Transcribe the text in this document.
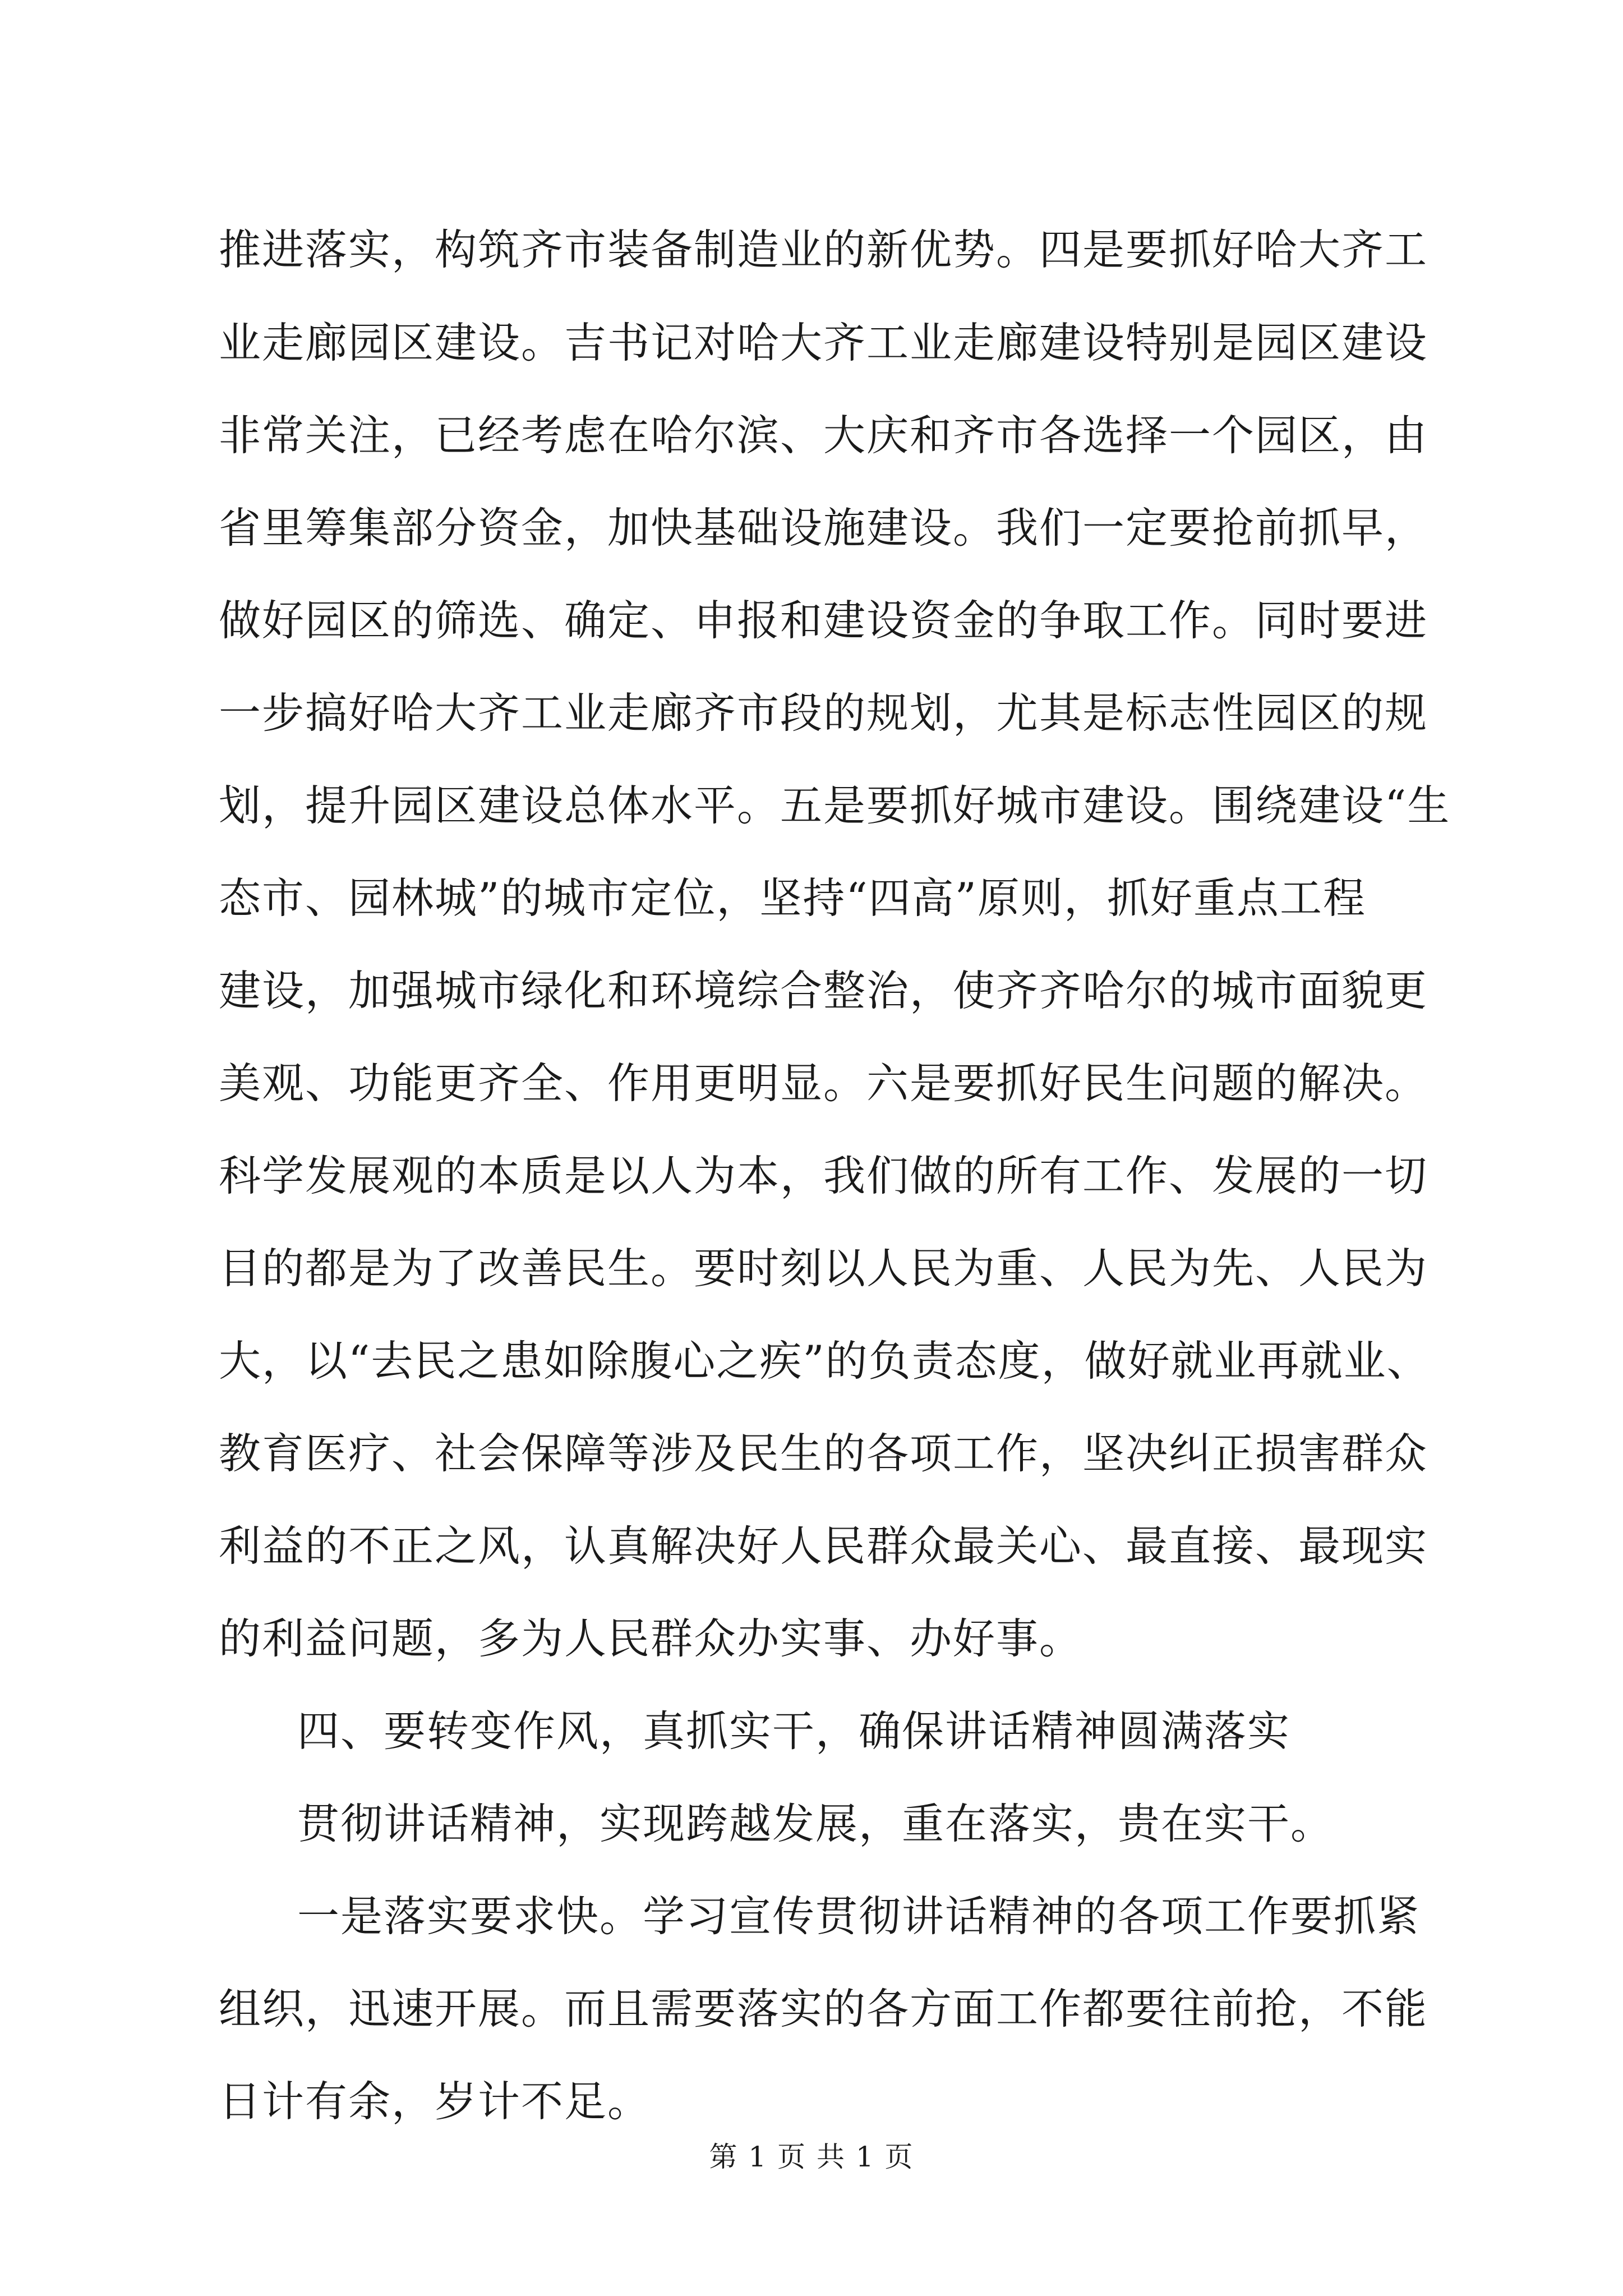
推进落实，构筑齐市装备制造业的新优势。四是要抓好哈大齐工
业走廊园区建设。吉书记对哈大齐工业走廊建设特别是园区建设
非常关注，已经考虑在哈尔滨、大庆和齐市各选择一个园区，由
省里筹集部分资金，加快基础设施建设。我们一定要抢前抓早，
做好园区的筛选、确定、申报和建设资金的争取工作。同时要进
一步搞好哈大齐工业走廊齐市段的规划，尤其是标志性园区的规
划，提升园区建设总体水平。五是要抓好城市建设。围绕建设“生
态市、园林城”的城市定位，坚持“四高”原则，抓好重点工程
建设，加强城市绿化和环境综合整治，使齐齐哈尔的城市面貌更
美观、功能更齐全、作用更明显。六是要抓好民生问题的解决。
科学发展观的本质是以人为本，我们做的所有工作、发展的一切
目的都是为了改善民生。要时刻以人民为重、人民为先、人民为
大，以“去民之患如除腹心之疾”的负责态度，做好就业再就业、
教育医疗、社会保障等涉及民生的各项工作，坚决纠正损害群众
利益的不正之风，认真解决好人民群众最关心、最直接、最现实
的利益问题，多为人民群众办实事、办好事。
四、要转变作风，真抓实干，确保讲话精神圆满落实
贯彻讲话精神，实现跨越发展，重在落实，贵在实干。
一是落实要求快。学习宣传贯彻讲话精神的各项工作要抓紧
组织，迅速开展。而且需要落实的各方面工作都要往前抢，不能
日计有余，岁计不足。
第 1 页 共 1 页
